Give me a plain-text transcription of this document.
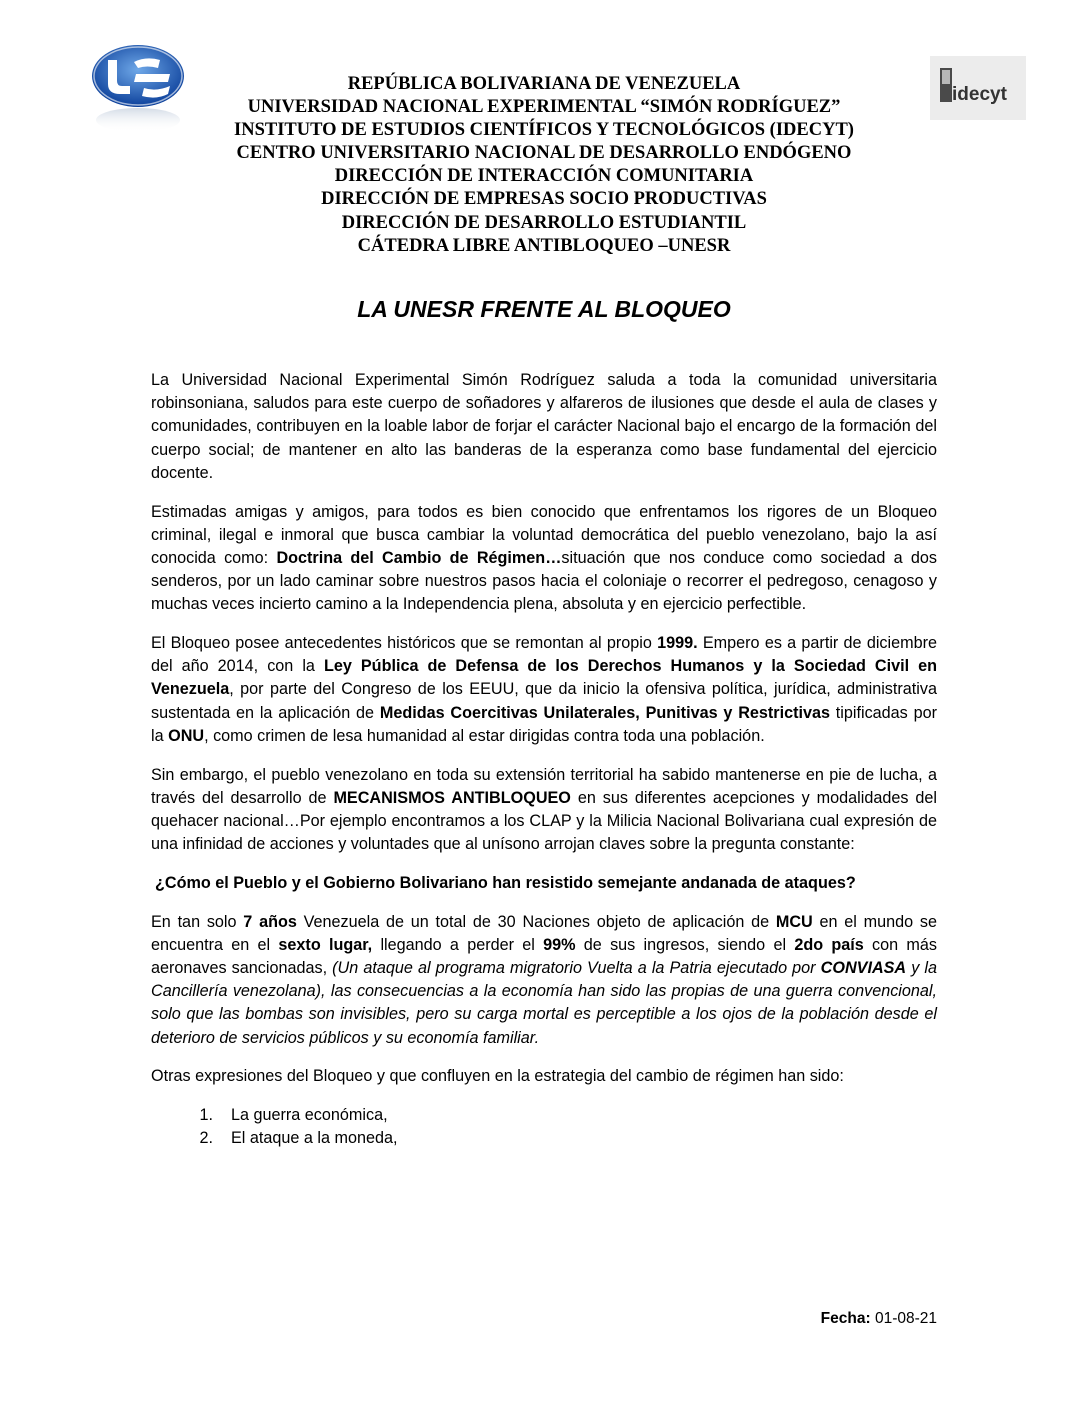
idecyt
REPÚBLICA BOLIVARIANA DE VENEZUELA
UNIVERSIDAD NACIONAL EXPERIMENTAL “SIMÓN RODRÍGUEZ”
INSTITUTO DE ESTUDIOS CIENTÍFICOS Y TECNOLÓGICOS (IDECYT)
CENTRO UNIVERSITARIO NACIONAL DE DESARROLLO ENDÓGENO
DIRECCIÓN DE INTERACCIÓN COMUNITARIA
DIRECCIÓN DE EMPRESAS SOCIO PRODUCTIVAS
DIRECCIÓN DE DESARROLLO ESTUDIANTIL
CÁTEDRA LIBRE ANTIBLOQUEO –UNESR
LA UNESR FRENTE AL BLOQUEO

La Universidad Nacional Experimental Simón Rodríguez saluda a toda la comunidad universitaria robinsoniana, saludos para este cuerpo de soñadores y alfareros de ilusiones que desde el aula de clases y comunidades, contribuyen en la loable labor de forjar el carácter Nacional bajo el encargo de la formación del cuerpo social; de mantener en alto las banderas de la esperanza como base fundamental del ejercicio docente.

Estimadas amigas y amigos, para todos es bien conocido que enfrentamos los rigores de un Bloqueo criminal, ilegal e inmoral que busca cambiar la voluntad democrática del pueblo venezolano, bajo la así conocida como: Doctrina del Cambio de Régimen…situación que nos conduce como sociedad a dos senderos, por un lado caminar sobre nuestros pasos hacia el coloniaje o recorrer el pedregoso, cenagoso y muchas veces incierto camino a la Independencia plena, absoluta y en ejercicio perfectible.

El Bloqueo posee antecedentes históricos que se remontan al propio 1999. Empero es a partir de diciembre del año 2014, con la Ley Pública de Defensa de los Derechos Humanos y la Sociedad Civil en Venezuela, por parte del Congreso de los EEUU, que da inicio la ofensiva política, jurídica, administrativa sustentada en la aplicación de Medidas Coercitivas Unilaterales, Punitivas y Restrictivas tipificadas por la ONU, como crimen de lesa humanidad al estar dirigidas contra toda una población.

Sin embargo, el pueblo venezolano en toda su extensión territorial ha sabido mantenerse en pie de lucha, a través del desarrollo de MECANISMOS ANTIBLOQUEO en sus diferentes acepciones y modalidades del quehacer nacional…Por ejemplo encontramos a los CLAP y la Milicia Nacional Bolivariana cual expresión de una infinidad de acciones y voluntades que al unísono arrojan claves sobre la pregunta constante:

¿Cómo el Pueblo y el Gobierno Bolivariano han resistido semejante andanada de ataques?

En tan solo 7 años Venezuela de un total de 30 Naciones objeto de aplicación de MCU en el mundo se encuentra en el sexto lugar, llegando a perder el 99% de sus ingresos, siendo el 2do país con más aeronaves sancionadas, (Un ataque al programa migratorio Vuelta a la Patria ejecutado por CONVIASA y la Cancillería venezolana), las consecuencias a la economía han sido las propias de una guerra convencional, solo que las bombas son invisibles, pero su carga mortal es perceptible a los ojos de la población desde el deterioro de servicios públicos y su economía familiar.

Otras expresiones del Bloqueo y que confluyen en la estrategia del cambio de régimen han sido:

1. La guerra económica,
2. El ataque a la moneda,
Fecha: 01-08-21
